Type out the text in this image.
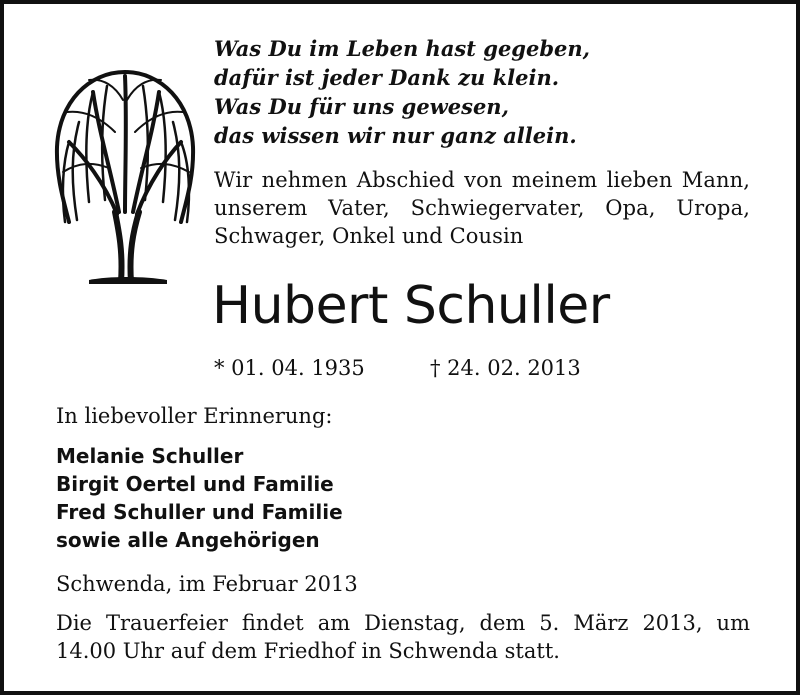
Was Du im Leben hast gegeben,
dafür ist jeder Dank zu klein.
Was Du für uns gewesen,
das wissen wir nur ganz allein.

Wir nehmen Abschied von meinem lieben Mann, unserem Vater, Schwiegervater, Opa, Uropa, Schwager, Onkel und Cousin

Hubert Schuller
* 01. 04. 1935	† 24. 02. 2013
In liebevoller Erinnerung:
Melanie Schuller
Birgit Oertel und Familie
Fred Schuller und Familie
sowie alle Angehörigen
Schwenda, im Februar 2013

Die Trauerfeier findet am Dienstag, dem 5. März 2013, um 14.00 Uhr auf dem Friedhof in Schwenda statt.
